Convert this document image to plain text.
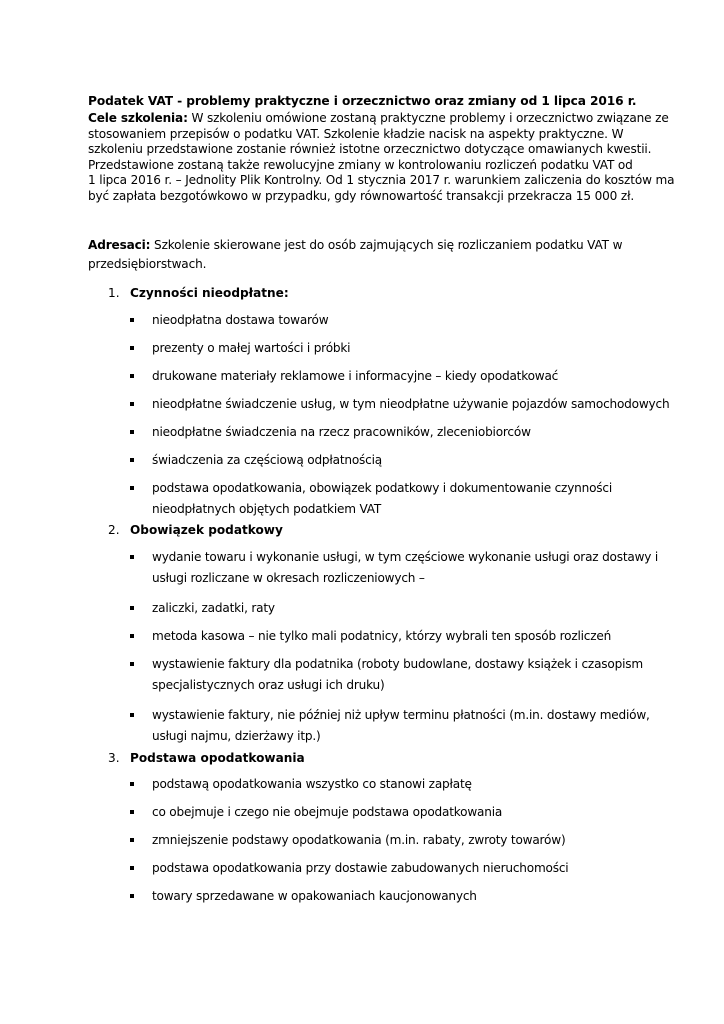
Podatek VAT - problemy praktyczne i orzecznictwo oraz zmiany od 1 lipca 2016 r.
Cele szkolenia: W szkoleniu omówione zostaną praktyczne problemy i orzecznictwo związane ze
stosowaniem przepisów o podatku VAT. Szkolenie kładzie nacisk na aspekty praktyczne. W
szkoleniu przedstawione zostanie również istotne orzecznictwo dotyczące omawianych kwestii.
Przedstawione zostaną także rewolucyjne zmiany w kontrolowaniu rozliczeń podatku VAT od
1 lipca 2016 r. – Jednolity Plik Kontrolny. Od 1 stycznia 2017 r. warunkiem zaliczenia do kosztów ma
być zapłata bezgotówkowo w przypadku, gdy równowartość transakcji przekracza 15 000 zł.
Adresaci: Szkolenie skierowane jest do osób zajmujących się rozliczaniem podatku VAT w
przedsiębiorstwach.
1. Czynności nieodpłatne:
nieodpłatna dostawa towarów
prezenty o małej wartości i próbki
drukowane materiały reklamowe i informacyjne – kiedy opodatkować
nieodpłatne świadczenie usług, w tym nieodpłatne używanie pojazdów samochodowych
nieodpłatne świadczenia na rzecz pracowników, zleceniobiorców
świadczenia za częściową odpłatnością
podstawa opodatkowania, obowiązek podatkowy i dokumentowanie czynności
nieodpłatnych objętych podatkiem VAT
2. Obowiązek podatkowy
wydanie towaru i wykonanie usługi, w tym częściowe wykonanie usługi oraz dostawy i
usługi rozliczane w okresach rozliczeniowych –
zaliczki, zadatki, raty
metoda kasowa – nie tylko mali podatnicy, którzy wybrali ten sposób rozliczeń
wystawienie faktury dla podatnika (roboty budowlane, dostawy książek i czasopism
specjalistycznych oraz usługi ich druku)
wystawienie faktury, nie później niż upływ terminu płatności (m.in. dostawy mediów,
usługi najmu, dzierżawy itp.)
3. Podstawa opodatkowania
podstawą opodatkowania wszystko co stanowi zapłatę
co obejmuje i czego nie obejmuje podstawa opodatkowania
zmniejszenie podstawy opodatkowania (m.in. rabaty, zwroty towarów)
podstawa opodatkowania przy dostawie zabudowanych nieruchomości
towary sprzedawane w opakowaniach kaucjonowanych
